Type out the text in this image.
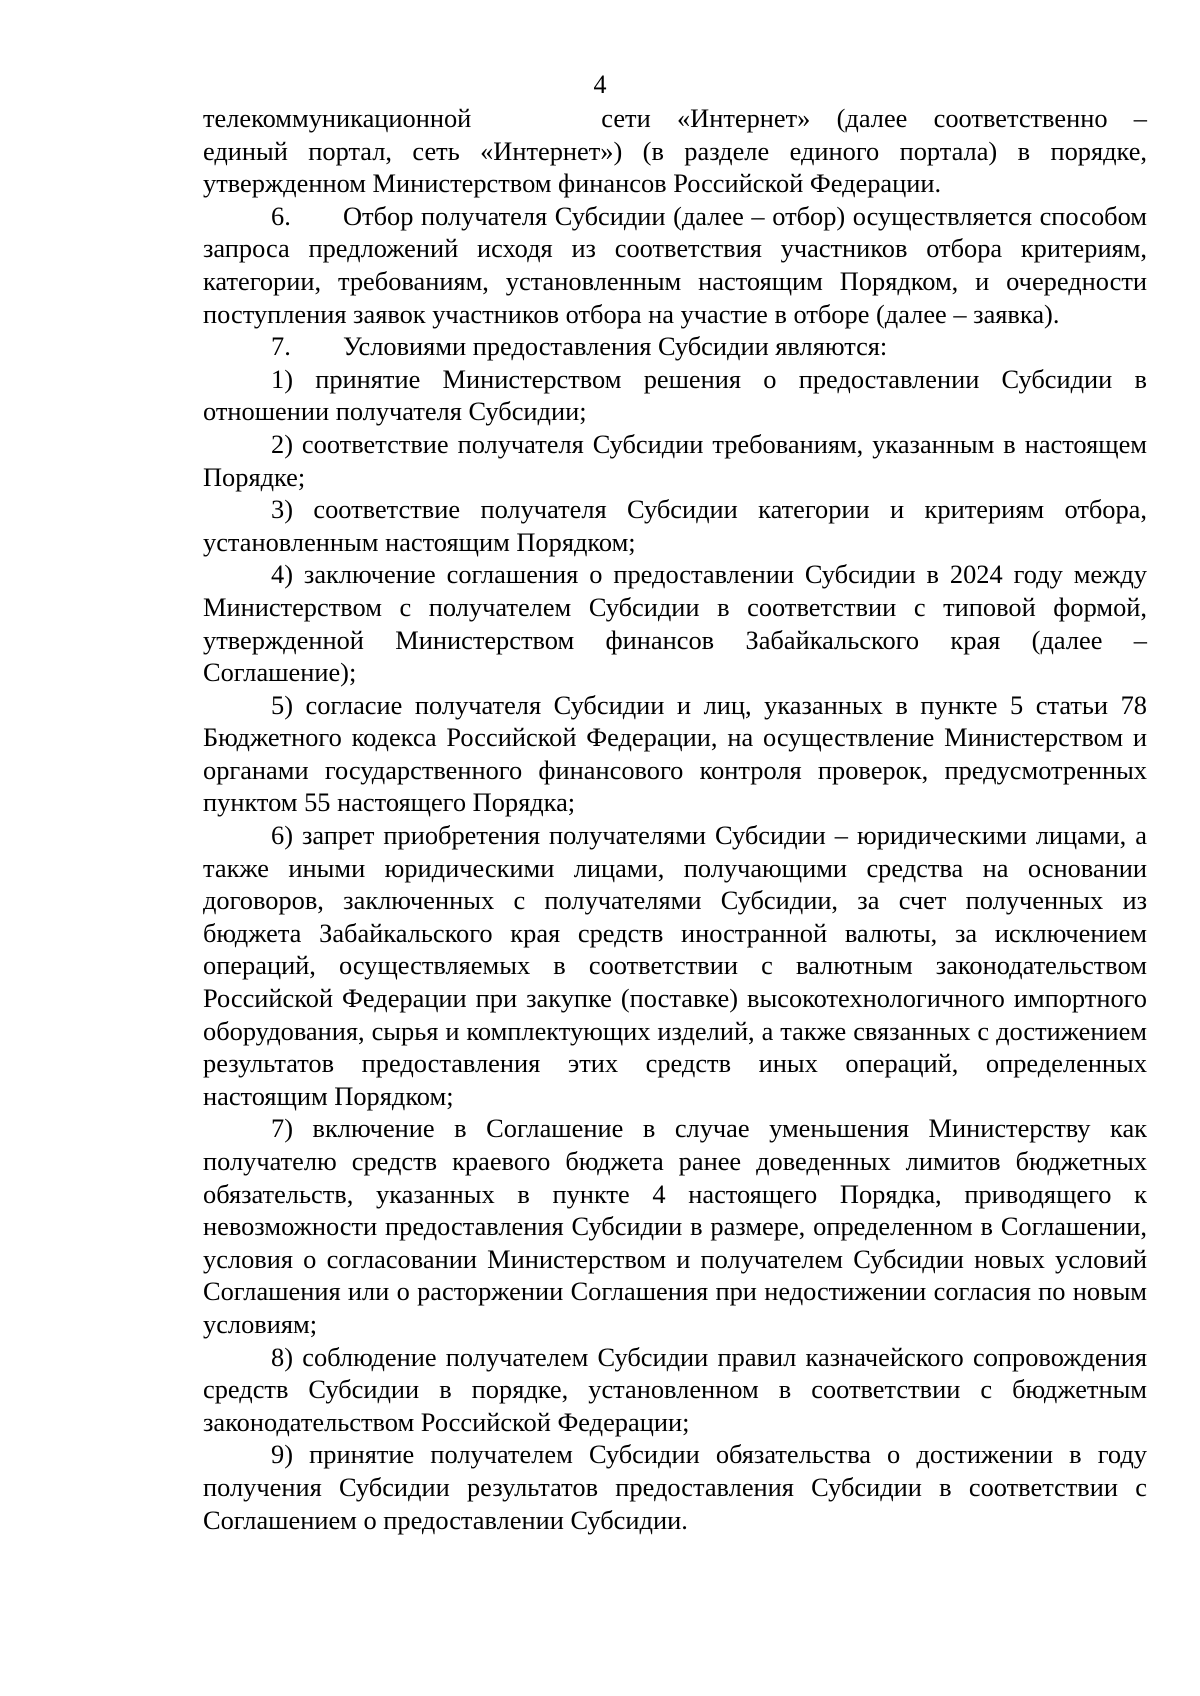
4

телекоммуникационной	сети «Интернет» (далее соответственно – единый портал, сеть «Интернет») (в разделе единого портала) в порядке, утвержденном Министерством финансов Российской Федерации.

6. Отбор получателя Субсидии (далее – отбор) осуществляется способом запроса предложений исходя из соответствия участников отбора критериям, категории, требованиям, установленным настоящим Порядком, и очередности поступления заявок участников отбора на участие в отборе (далее – заявка).

7. Условиями предоставления Субсидии являются:

1) принятие Министерством решения о предоставлении Субсидии в отношении получателя Субсидии;

2) соответствие получателя Субсидии требованиям, указанным в настоящем Порядке;

3) соответствие получателя Субсидии категории и критериям отбора, установленным настоящим Порядком;

4) заключение соглашения о предоставлении Субсидии в 2024 году между Министерством с получателем Субсидии в соответствии с типовой формой, утвержденной Министерством финансов Забайкальского края (далее – Соглашение);

5) согласие получателя Субсидии и лиц, указанных в пункте 5 статьи 78 Бюджетного кодекса Российской Федерации, на осуществление Министерством и органами государственного финансового контроля проверок, предусмотренных пунктом 55 настоящего Порядка;

6) запрет приобретения получателями Субсидии – юридическими лицами, а также иными юридическими лицами, получающими средства на основании договоров, заключенных с получателями Субсидии, за счет полученных из бюджета Забайкальского края средств иностранной валюты, за исключением операций, осуществляемых в соответствии с валютным законодательством Российской Федерации при закупке (поставке) высокотехнологичного импортного оборудования, сырья и комплектующих изделий, а также связанных с достижением результатов предоставления этих средств иных операций, определенных настоящим Порядком;

7) включение в Соглашение в случае уменьшения Министерству как получателю средств краевого бюджета ранее доведенных лимитов бюджетных обязательств, указанных в пункте 4 настоящего Порядка, приводящего к невозможности предоставления Субсидии в размере, определенном в Соглашении, условия о согласовании Министерством и получателем Субсидии новых условий Соглашения или о расторжении Соглашения при недостижении согласия по новым условиям;

8) соблюдение получателем Субсидии правил казначейского сопровождения средств Субсидии в порядке, установленном в соответствии с бюджетным законодательством Российской Федерации;

9) принятие получателем Субсидии обязательства о достижении в году получения Субсидии результатов предоставления Субсидии в соответствии с Соглашением о предоставлении Субсидии.
